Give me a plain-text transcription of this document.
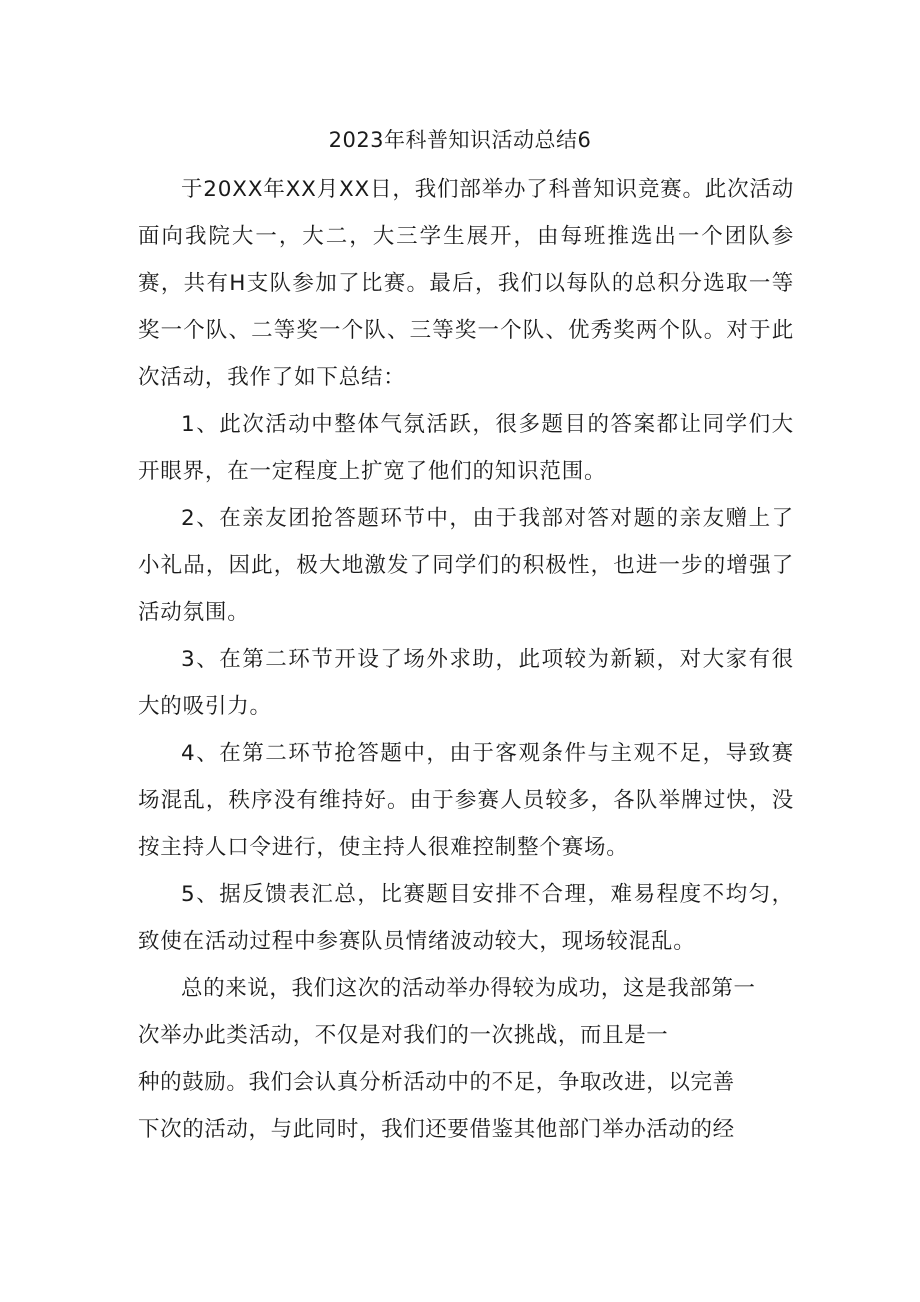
2023年科普知识活动总结6

于20XX年XX月XX日，我们部举办了科普知识竞赛。此次活动面向我院大一，大二，大三学生展开，由每班推选出一个团队参赛，共有H支队参加了比赛。最后，我们以每队的总积分选取一等奖一个队、二等奖一个队、三等奖一个队、优秀奖两个队。对于此次活动，我作了如下总结：

1、此次活动中整体气氛活跃，很多题目的答案都让同学们大开眼界，在一定程度上扩宽了他们的知识范围。

2、在亲友团抢答题环节中，由于我部对答对题的亲友赠上了小礼品，因此，极大地激发了同学们的积极性，也进一步的增强了活动氛围。

3、在第二环节开设了场外求助，此项较为新颖，对大家有很大的吸引力。

4、在第二环节抢答题中，由于客观条件与主观不足，导致赛场混乱，秩序没有维持好。由于参赛人员较多，各队举牌过快，没按主持人口令进行，使主持人很难控制整个赛场。

5、据反馈表汇总，比赛题目安排不合理，难易程度不均匀，致使在活动过程中参赛队员情绪波动较大，现场较混乱。

总的来说，我们这次的活动举办得较为成功，这是我部第一
次举办此类活动，不仅是对我们的一次挑战，而且是一
种的鼓励。我们会认真分析活动中的不足，争取改进，以完善
下次的活动，与此同时，我们还要借鉴其他部门举办活动的经
